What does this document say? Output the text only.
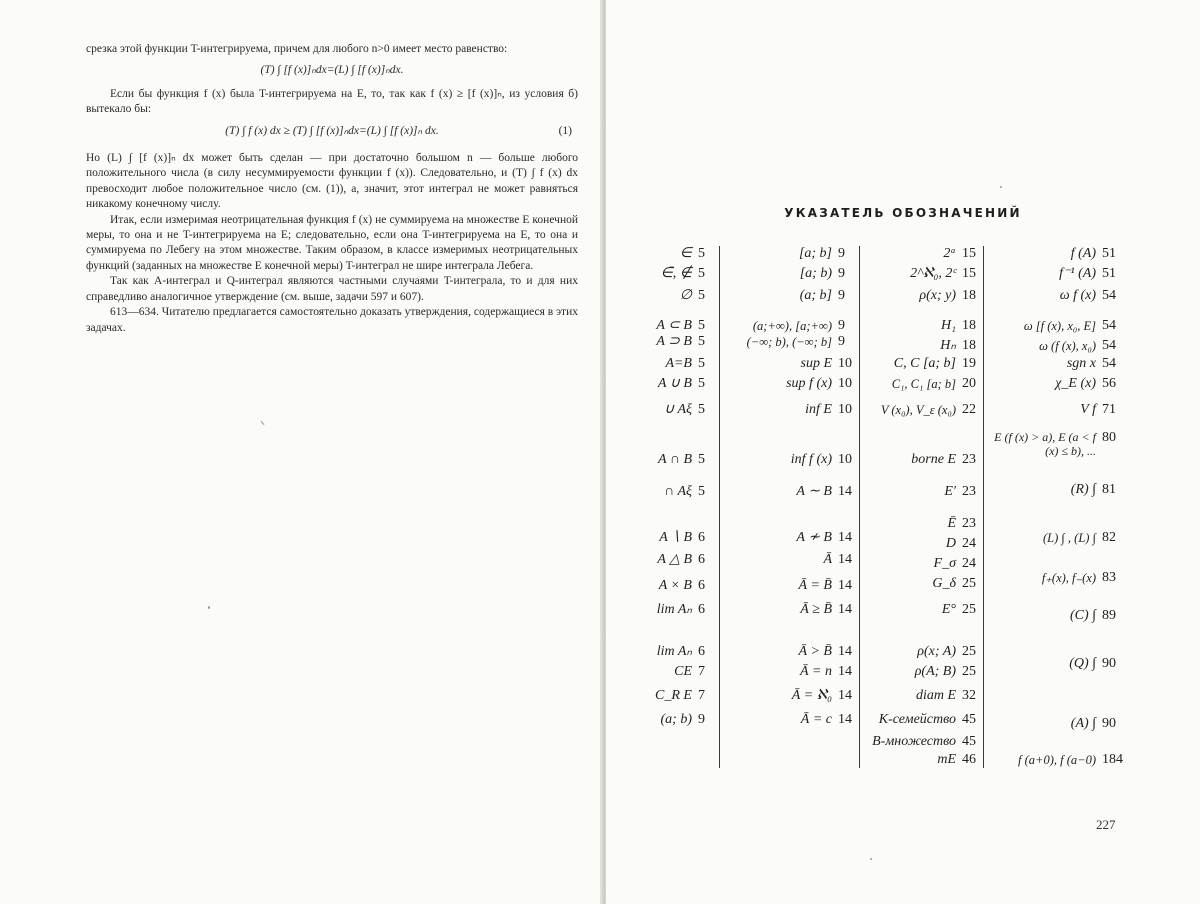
срезка этой функции T-интегрируема, причем для любого n>0 имеет место равенство:

(T) ∫ [f (x)]ₙdx=(L) ∫ [f (x)]ₙdx.

Если бы функция f (x) была T-интегрируема на E, то, так как f (x) ≥ [f (x)]ₙ, из условия б) вытекало бы:

(T) ∫ f (x) dx ≥ (T) ∫ [f (x)]ₙdx=(L) ∫ [f (x)]ₙ dx.	(1)

Но (L) ∫ [f (x)]ₙ dx может быть сделан — при достаточно большом n — больше любого положительного числа (в силу несуммируемости функции f (x)). Следовательно, и (T) ∫ f (x) dx превосходит любое положительное число (см. (1)), а, значит, этот интеграл не может равняться никакому конечному числу.

Итак, если измеримая неотрицательная функция f (x) не суммируема на множестве E конечной меры, то она и не T-интегрируема на E; следовательно, если она T-интегрируема на E, то она и суммируема по Лебегу на этом множестве. Таким образом, в классе измеримых неотрицательных функций (заданных на множестве E конечной меры) T-интеграл не шире интеграла Лебега.

Так как A-интеграл и Q-интеграл являются частными случаями T-интеграла, то и для них справедливо аналогичное утверждение (см. выше, задачи 597 и 607).

613—634. Читателю предлагается самостоятельно доказать утверждения, содержащиеся в этих задачах.

УКАЗАТЕЛЬ ОБОЗНАЧЕНИЙ
∈ 5
∈̄, ∉ 5
∅ 5
A ⊂ B 5
A ⊃ B 5
A=B 5
A ∪ B 5
∪ Aξ 5
A ∩ B 5
∩ Aξ 5
A ∖ B 6
A △ B 6
A × B 6
lim Aₙ 6
lim Aₙ 6
CE 7
C_R E 7
(a; b) 9
[a; b] 9
[a; b) 9
(a; b] 9
(a;+∞), [a;+∞) 9
(−∞; b), (−∞; b] 9
sup E 10
sup f (x) 10
inf E 10
inf f (x) 10
A ∼ B 14
A ≁ B 14
Ā 14
Ā = B̄ 14
Ā ≥ B̄ 14
Ā > B̄ 14
Ā = n 14
Ā = ℵ₀ 14
Ā = c 14
2ᵃ 15
2^ℵ₀, 2ᶜ 15
ρ(x; y) 18
H₁ 18
Hₙ 18
C, C [a; b] 19
C₁, C₁ [a; b] 20
V (x₀), V_ε (x₀) 22
borne E 23
E′ 23
Ē 23
D 24
F_σ 24
G_δ 25
E° 25
ρ(x; A) 25
ρ(A; B) 25
diam E 32
K-семейство 45
B-множество 45
mE 46
f (A) 51
f⁻¹ (A) 51
ω f (x) 54
ω [f (x), x₀, E] 54
ω (f (x), x₀) 54
sgn x 54
χ_E (x) 56
V f 71
E (f (x) > a), E (a < f (x) ≤ b), ...
80
(R) ∫ 81
(L) ∫ , (L) ∫ 82
f₊(x), f₋(x) 83
(C) ∫ 89
(Q) ∫ 90
(A) ∫ 90
f (a+0), f (a−0) 184
227
